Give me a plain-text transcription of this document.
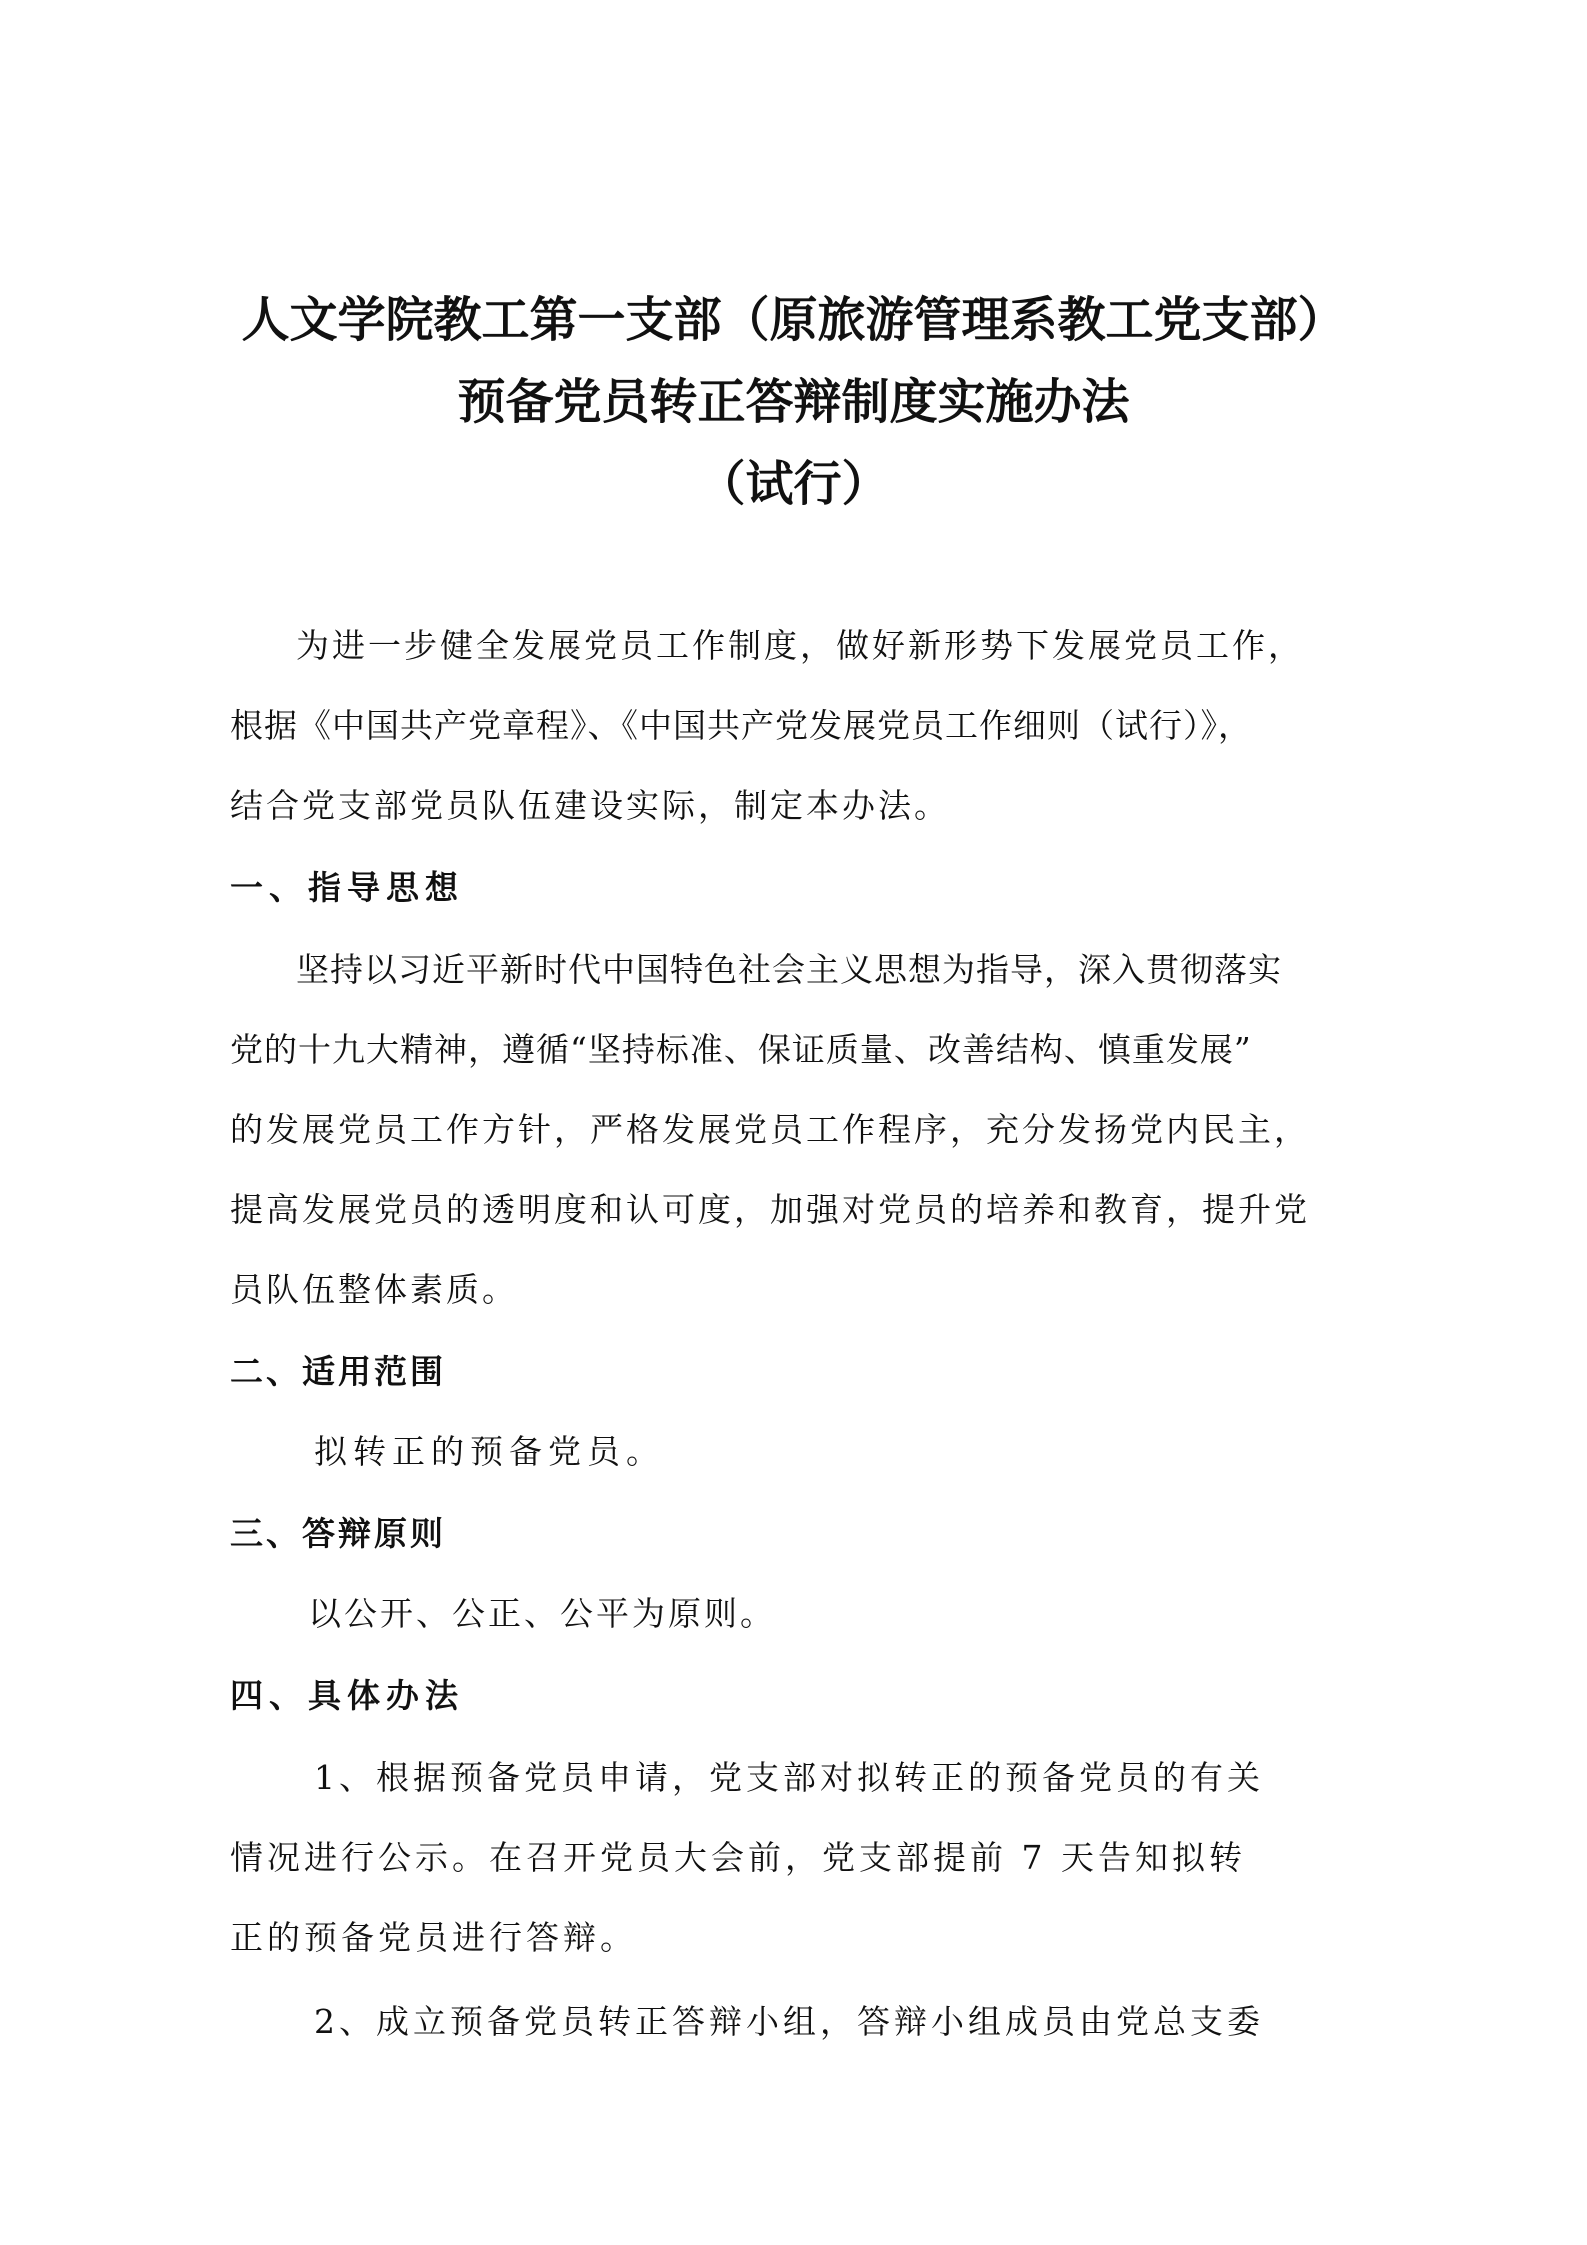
人文学院教工第一支部（原旅游管理系教工党支部）
预备党员转正答辩制度实施办法
（试行）
为进一步健全发展党员工作制度，做好新形势下发展党员工作，
根据《中国共产党章程》、《中国共产党发展党员工作细则（试行）》，
结合党支部党员队伍建设实际，制定本办法。
一、指导思想
坚持以习近平新时代中国特色社会主义思想为指导，深入贯彻落实
党的十九大精神，遵循“坚持标准、保证质量、改善结构、慎重发展”
的发展党员工作方针，严格发展党员工作程序，充分发扬党内民主，
提高发展党员的透明度和认可度，加强对党员的培养和教育，提升党
员队伍整体素质。
二、适用范围
拟转正的预备党员。
三、答辩原则
以公开、公正、公平为原则。
四、具体办法
1、根据预备党员申请，党支部对拟转正的预备党员的有关
情况进行公示。在召开党员大会前，党支部提前 7 天告知拟转
正的预备党员进行答辩。
2、成立预备党员转正答辩小组，答辩小组成员由党总支委
